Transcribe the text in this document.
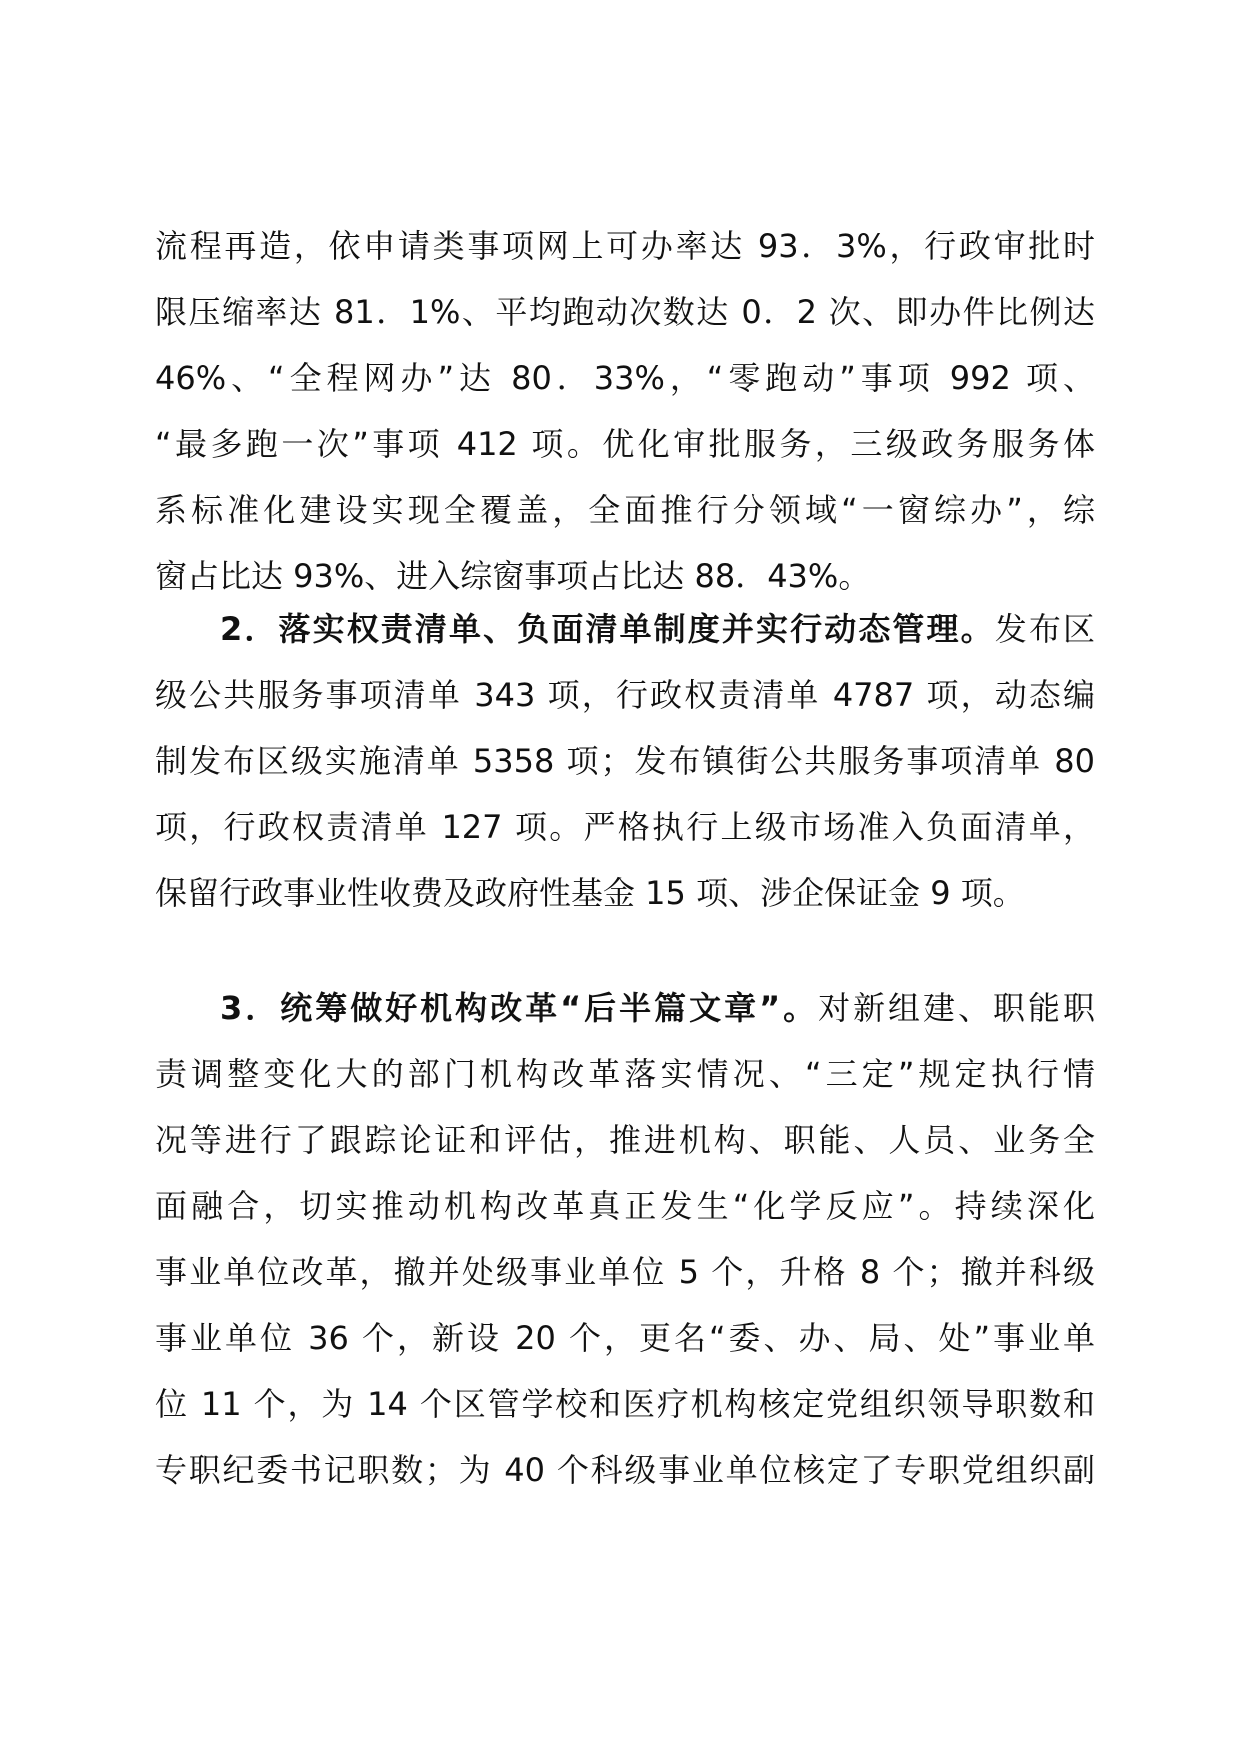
流程再造，依申请类事项网上可办率达 93．3%，行政审批时
限压缩率达 81．1%、平均跑动次数达 0．2 次、即办件比例达
46%、“全程网办”达 80．33%，“零跑动”事项 992 项、
“最多跑一次”事项 412 项。优化审批服务，三级政务服务体
系标准化建设实现全覆盖，全面推行分领域“一窗综办”，综
窗占比达 93%、进入综窗事项占比达 88．43%。
2．落实权责清单、负面清单制度并实行动态管理。发布区
级公共服务事项清单 343 项，行政权责清单 4787 项，动态编
制发布区级实施清单 5358 项；发布镇街公共服务事项清单 80
项，行政权责清单 127 项。严格执行上级市场准入负面清单，
保留行政事业性收费及政府性基金 15 项、涉企保证金 9 项。
3．统筹做好机构改革“后半篇文章”。对新组建、职能职
责调整变化大的部门机构改革落实情况、“三定”规定执行情
况等进行了跟踪论证和评估，推进机构、职能、人员、业务全
面融合，切实推动机构改革真正发生“化学反应”。持续深化
事业单位改革，撤并处级事业单位 5 个，升格 8 个；撤并科级
事业单位 36 个，新设 20 个，更名“委、办、局、处”事业单
位 11 个，为 14 个区管学校和医疗机构核定党组织领导职数和
专职纪委书记职数；为 40 个科级事业单位核定了专职党组织副
